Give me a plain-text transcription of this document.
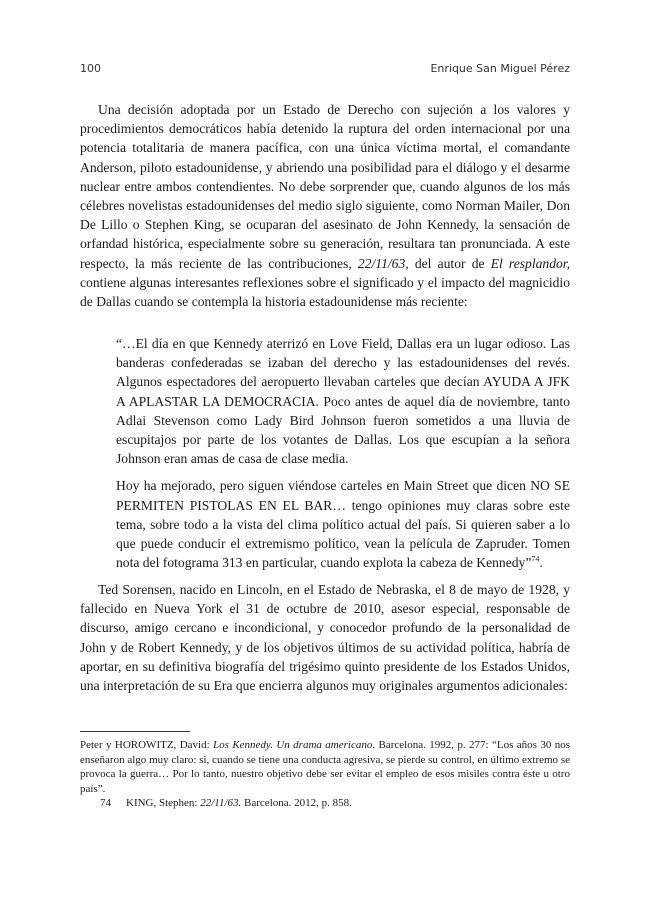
100	Enrique San Miguel Pérez

Una decisión adoptada por un Estado de Derecho con sujeción a los valores y procedimientos democráticos había detenido la ruptura del orden internacional por una potencia totalitaria de manera pacífica, con una única víctima mortal, el comandante Anderson, piloto estadounidense, y abriendo una posibilidad para el diálogo y el desarme nuclear entre ambos contendientes. No debe sorprender que, cuando algunos de los más célebres novelistas estadounidenses del medio siglo siguiente, como Norman Mailer, Don De Lillo o Stephen King, se ocuparan del asesinato de John Kennedy, la sensación de orfandad histórica, especialmente sobre su generación, resultara tan pronunciada. A este respecto, la más reciente de las contribuciones, 22/11/63, del autor de El resplandor, contiene algunas interesantes reflexiones sobre el significado y el impacto del magnicidio de Dallas cuando se contempla la historia estadounidense más reciente:

“…El día en que Kennedy aterrizó en Love Field, Dallas era un lugar odioso. Las banderas confederadas se izaban del derecho y las estadounidenses del revés. Algunos espectadores del aeropuerto llevaban carteles que decían AYUDA A JFK A APLASTAR LA DEMOCRACIA. Poco antes de aquel día de noviembre, tanto Adlai Stevenson como Lady Bird Johnson fueron sometidos a una lluvia de escupitajos por parte de los votantes de Dallas. Los que escupían a la señora Johnson eran amas de casa de clase media.

Hoy ha mejorado, pero siguen viéndose carteles en Main Street que dicen NO SE PERMITEN PISTOLAS EN EL BAR… tengo opiniones muy claras sobre este tema, sobre todo a la vista del clima político actual del país. Si quieren saber a lo que puede conducir el extremismo político, vean la película de Zapruder. Tomen nota del fotograma 313 en particular, cuando explota la cabeza de Kennedy”$^{74}$.

Ted Sorensen, nacido en Lincoln, en el Estado de Nebraska, el 8 de mayo de 1928, y fallecido en Nueva York el 31 de octubre de 2010, asesor especial, responsable de discurso, amigo cercano e incondicional, y conocedor profundo de la personalidad de John y de Robert Kennedy, y de los objetivos últimos de su actividad política, habría de aportar, en su definitiva biografía del trigésimo quinto presidente de los Estados Unidos, una interpretación de su Era que encierra algunos muy originales argumentos adicionales:

Peter y HOROWITZ, David: Los Kennedy. Un drama americano. Barcelona. 1992, p. 277: “Los años 30 nos enseñaron algo muy claro: si, cuando se tiene una conducta agresiva, se pierde su control, en último extremo se provoca la guerra… Por lo tanto, nuestro objetivo debe ser evitar el empleo de esos misiles contra éste u otro país”.

74 KING, Stephen: 22/11/63. Barcelona. 2012, p. 858.
